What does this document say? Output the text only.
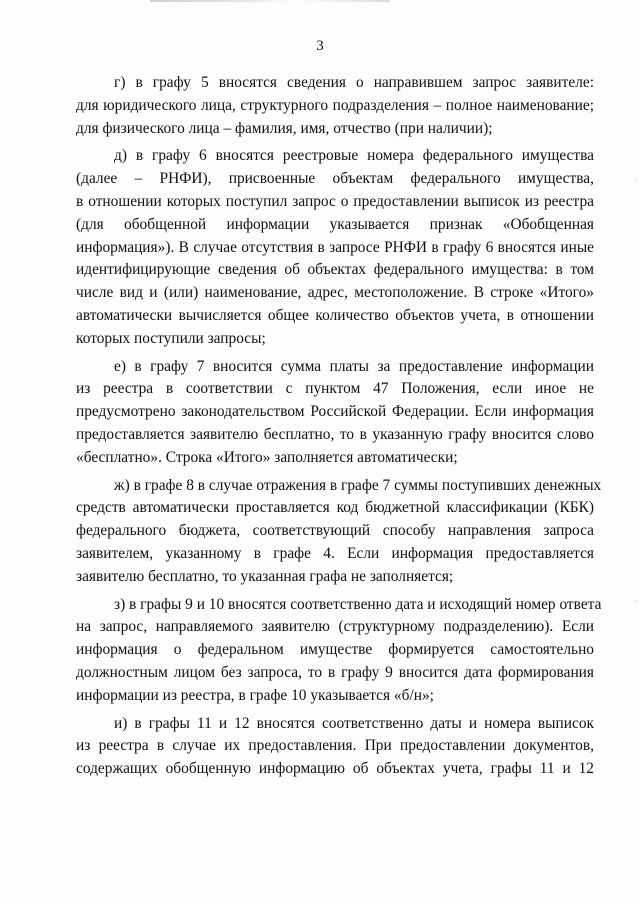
3
г) в графу 5 вносятся сведения о направившем запрос заявителе:
для юридического лица, структурного подразделения – полное наименование;
для физического лица – фамилия, имя, отчество (при наличии);
д) в графу 6 вносятся реестровые номера федерального имущества
(далее – РНФИ), присвоенные объектам федерального имущества,
в отношении которых поступил запрос о предоставлении выписок из реестра
(для обобщенной информации указывается признак «Обобщенная
информация»). В случае отсутствия в запросе РНФИ в графу 6 вносятся иные
идентифицирующие сведения об объектах федерального имущества: в том
числе вид и (или) наименование, адрес, местоположение. В строке «Итого»
автоматически вычисляется общее количество объектов учета, в отношении
которых поступили запросы;
е) в графу 7 вносится сумма платы за предоставление информации
из реестра в соответствии с пунктом 47 Положения, если иное не
предусмотрено законодательством Российской Федерации. Если информация
предоставляется заявителю бесплатно, то в указанную графу вносится слово
«бесплатно». Строка «Итого» заполняется автоматически;
ж) в графе 8 в случае отражения в графе 7 суммы поступивших денежных
средств автоматически проставляется код бюджетной классификации (КБК)
федерального бюджета, соответствующий способу направления запроса
заявителем, указанному в графе 4. Если информация предоставляется
заявителю бесплатно, то указанная графа не заполняется;
з) в графы 9 и 10 вносятся соответственно дата и исходящий номер ответа
на запрос, направляемого заявителю (структурному подразделению). Если
информация о федеральном имуществе формируется самостоятельно
должностным лицом без запроса, то в графу 9 вносится дата формирования
информации из реестра, в графе 10 указывается «б/н»;
и) в графы 11 и 12 вносятся соответственно даты и номера выписок
из реестра в случае их предоставления. При предоставлении документов,
содержащих обобщенную информацию об объектах учета, графы 11 и 12
